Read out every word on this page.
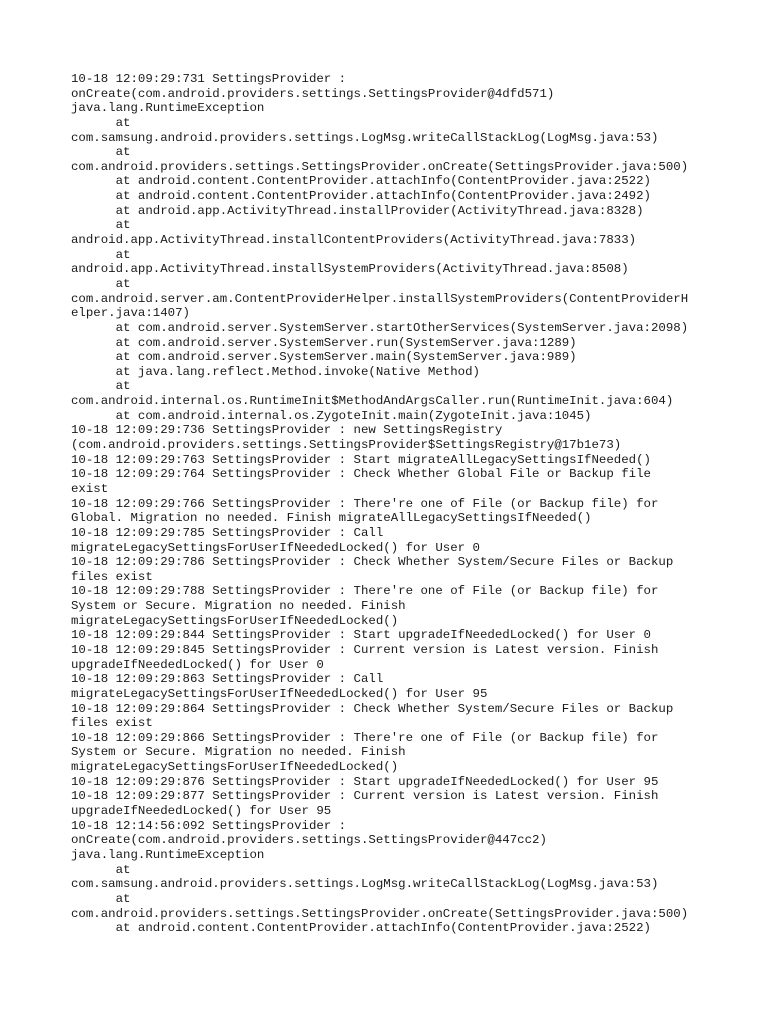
10-18 12:09:29:731 SettingsProvider :
onCreate(com.android.providers.settings.SettingsProvider@4dfd571)
java.lang.RuntimeException
at
com.samsung.android.providers.settings.LogMsg.writeCallStackLog(LogMsg.java:53)
at
com.android.providers.settings.SettingsProvider.onCreate(SettingsProvider.java:500)
at android.content.ContentProvider.attachInfo(ContentProvider.java:2522)
at android.content.ContentProvider.attachInfo(ContentProvider.java:2492)
at android.app.ActivityThread.installProvider(ActivityThread.java:8328)
at
android.app.ActivityThread.installContentProviders(ActivityThread.java:7833)
at
android.app.ActivityThread.installSystemProviders(ActivityThread.java:8508)
at
com.android.server.am.ContentProviderHelper.installSystemProviders(ContentProviderH
elper.java:1407)
at com.android.server.SystemServer.startOtherServices(SystemServer.java:2098)
at com.android.server.SystemServer.run(SystemServer.java:1289)
at com.android.server.SystemServer.main(SystemServer.java:989)
at java.lang.reflect.Method.invoke(Native Method)
at
com.android.internal.os.RuntimeInit$MethodAndArgsCaller.run(RuntimeInit.java:604)
at com.android.internal.os.ZygoteInit.main(ZygoteInit.java:1045)
10-18 12:09:29:736 SettingsProvider : new SettingsRegistry
(com.android.providers.settings.SettingsProvider$SettingsRegistry@17b1e73)
10-18 12:09:29:763 SettingsProvider : Start migrateAllLegacySettingsIfNeeded()
10-18 12:09:29:764 SettingsProvider : Check Whether Global File or Backup file
exist
10-18 12:09:29:766 SettingsProvider : There're one of File (or Backup file) for
Global. Migration no needed. Finish migrateAllLegacySettingsIfNeeded()
10-18 12:09:29:785 SettingsProvider : Call
migrateLegacySettingsForUserIfNeededLocked() for User 0
10-18 12:09:29:786 SettingsProvider : Check Whether System/Secure Files or Backup
files exist
10-18 12:09:29:788 SettingsProvider : There're one of File (or Backup file) for
System or Secure. Migration no needed. Finish
migrateLegacySettingsForUserIfNeededLocked()
10-18 12:09:29:844 SettingsProvider : Start upgradeIfNeededLocked() for User 0
10-18 12:09:29:845 SettingsProvider : Current version is Latest version. Finish
upgradeIfNeededLocked() for User 0
10-18 12:09:29:863 SettingsProvider : Call
migrateLegacySettingsForUserIfNeededLocked() for User 95
10-18 12:09:29:864 SettingsProvider : Check Whether System/Secure Files or Backup
files exist
10-18 12:09:29:866 SettingsProvider : There're one of File (or Backup file) for
System or Secure. Migration no needed. Finish
migrateLegacySettingsForUserIfNeededLocked()
10-18 12:09:29:876 SettingsProvider : Start upgradeIfNeededLocked() for User 95
10-18 12:09:29:877 SettingsProvider : Current version is Latest version. Finish
upgradeIfNeededLocked() for User 95
10-18 12:14:56:092 SettingsProvider :
onCreate(com.android.providers.settings.SettingsProvider@447cc2)
java.lang.RuntimeException
at
com.samsung.android.providers.settings.LogMsg.writeCallStackLog(LogMsg.java:53)
at
com.android.providers.settings.SettingsProvider.onCreate(SettingsProvider.java:500)
at android.content.ContentProvider.attachInfo(ContentProvider.java:2522)
